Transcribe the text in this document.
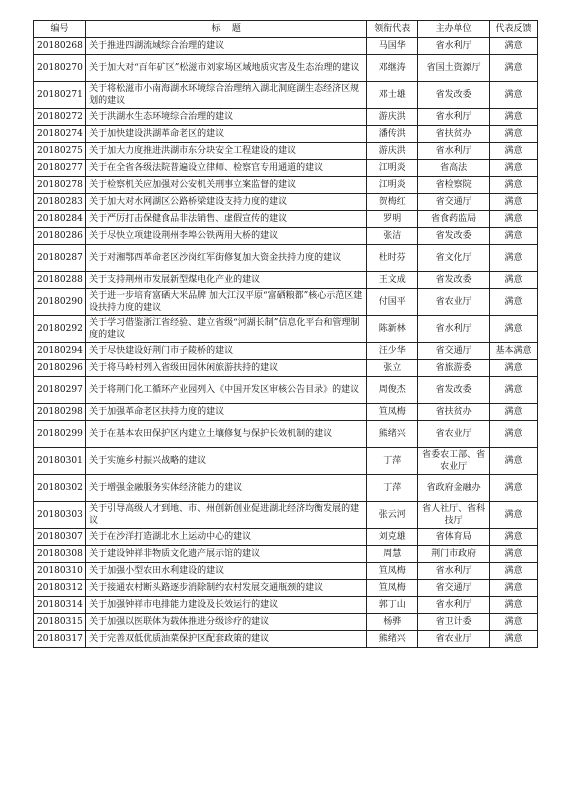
编号	标    题	领衔代表	主办单位	代表反馈
20180268	关于推进四湖流域综合治理的建议	马国华	省水利厅	满意
20180270	关于加大对“百年矿区”松滋市刘家场区域地质灾害及生态治理的建议	邓继涛	省国土资源厅	满意
20180271	关于将松滋市小南海湖水环境综合治理纳入湖北洞庭湖生态经济区规划的建议	邓士雄	省发改委	满意
20180272	关于洪湖水生态环境综合治理的建议	游庆洪	省水利厅	满意
20180274	关于加快建设洪湖革命老区的建议	潘传洪	省扶贫办	满意
20180275	关于加大力度推进洪湖市东分块安全工程建设的建议	游庆洪	省水利厅	满意
20180277	关于在全省各级法院普遍设立律师、检察官专用通道的建议	江明炎	省高法	满意
20180278	关于检察机关应加强对公安机关刑事立案监督的建议	江明炎	省检察院	满意
20180283	关于加大对水网湖区公路桥梁建设支持力度的建议	贺梅红	省交通厅	满意
20180284	关于严厉打击保健食品非法销售、虚假宣传的建议	罗明	省食药监局	满意
20180286	关于尽快立项建设荆州李埠公铁两用大桥的建议	张洁	省发改委	满意
20180287	关于对湘鄂西革命老区沙岗红军街修复加大资金扶持力度的建议	杜时芬	省文化厅	满意
20180288	关于支持荆州市发展新型煤电化产业的建议	王文成	省发改委	满意
20180290	关于进一步培育富硒大米品牌 加大江汉平原“富硒粮都”核心示范区建设扶持力度的建议	付国平	省农业厅	满意
20180292	关于学习借鉴浙江省经验、建立省级“河湖长制”信息化平台和管理制度的建议	陈新林	省水利厅	满意
20180294	关于尽快建设好荆门市子陵桥的建议	汪少华	省交通厅	基本满意
20180296	关于将马岭村列入省级田园休闲旅游扶持的建议	张立	省旅游委	满意
20180297	关于将荆门化工循环产业园列入《中国开发区审核公告目录》的建议	周俊杰	省发改委	满意
20180298	关于加强革命老区扶持力度的建议	笪凤梅	省扶贫办	满意
20180299	关于在基本农田保护区内建立土壤修复与保护长效机制的建议	熊绪兴	省农业厅	满意
20180301	关于实施乡村振兴战略的建议	丁萍	省委农工部、省农业厅	满意
20180302	关于增强金融服务实体经济能力的建议	丁萍	省政府金融办	满意
20180303	关于引导高级人才到地、市、州创新创业促进湖北经济均衡发展的建议	张云河	省人社厅、省科技厅	满意
20180307	关于在沙洋打造湖北水上运动中心的建议	刘克雄	省体育局	满意
20180308	关于建设钟祥非物质文化遗产展示馆的建议	周慧	荆门市政府	满意
20180310	关于加强小型农田水利建设的建议	笪凤梅	省水利厅	满意
20180312	关于接通农村断头路逐步消除制约农村发展交通瓶颈的建议	笪凤梅	省交通厅	满意
20180314	关于加强钟祥市电排能力建设及长效运行的建议	郭丁山	省水利厅	满意
20180315	关于加强以医联体为载体推进分级诊疗的建议	杨骅	省卫计委	满意
20180317	关于完善双低优质油菜保护区配套政策的建议	熊绪兴	省农业厅	满意
